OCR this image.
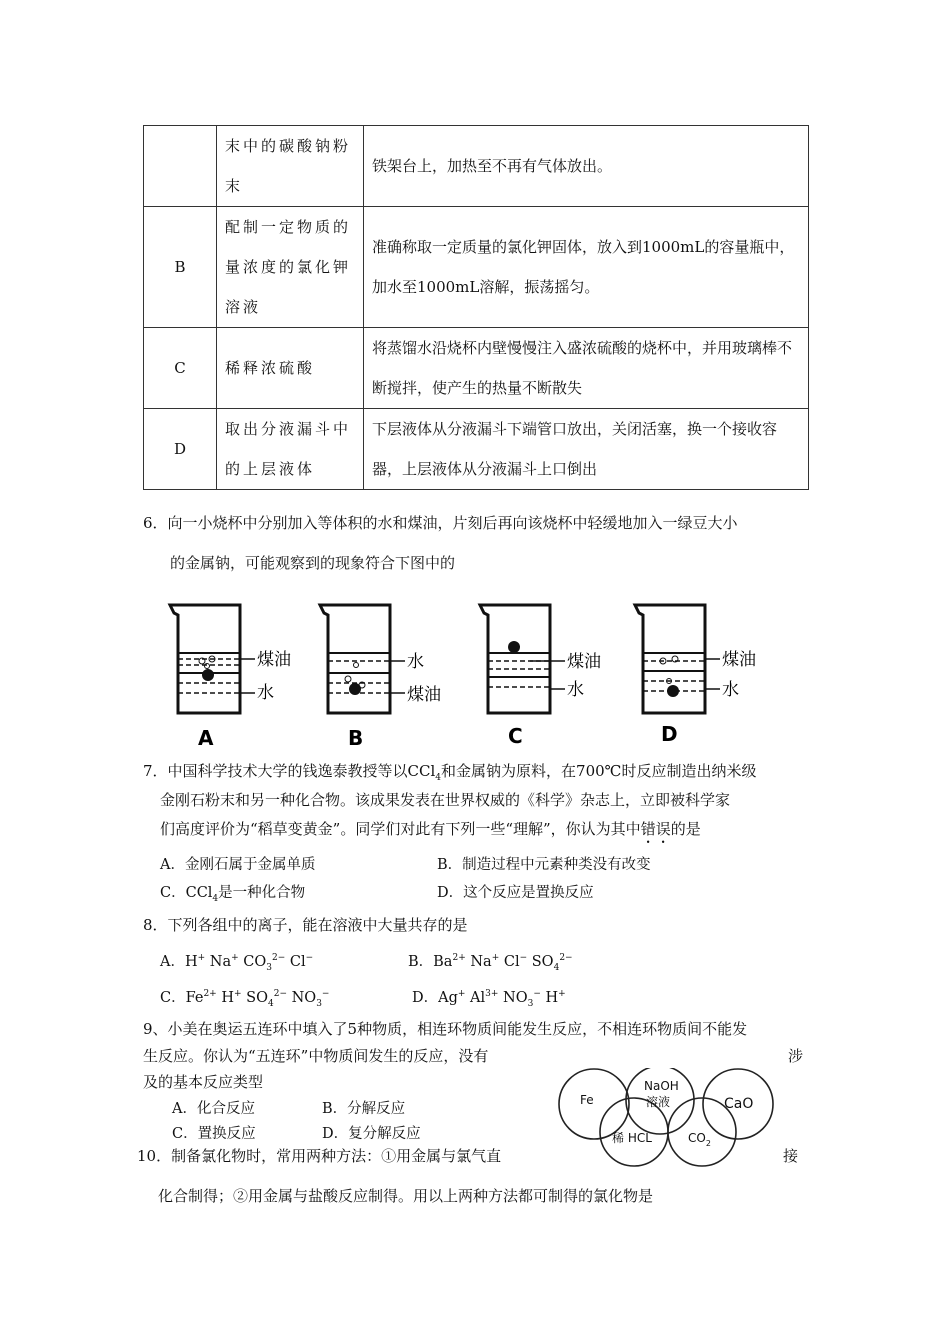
	末中的碳酸钠粉末	铁架台上，加热至不再有气体放出。
B	配制一定物质的量浓度的氯化钾溶液	准确称取一定质量的氯化钾固体，放入到1000mL的容量瓶中，加水至1000mL溶解，振荡摇匀。
C	稀释浓硫酸	将蒸馏水沿烧杯内壁慢慢注入盛浓硫酸的烧杯中，并用玻璃棒不断搅拌，使产生的热量不断散失
D	取出分液漏斗中的上层液体	下层液体从分液漏斗下端管口放出，关闭活塞，换一个接收容器，上层液体从分液漏斗上口倒出
6．向一小烧杯中分别加入等体积的水和煤油，片刻后再向该烧杯中轻缓地加入一绿豆大小
的金属钠，可能观察到的现象符合下图中的
煤油
水
A
水
煤油
B
煤油
水
C
煤油
水
D
7．中国科学技术大学的钱逸泰教授等以CCl$_4$和金属钠为原料，在700℃时反应制造出纳米级
金刚石粉末和另一种化合物。该成果发表在世界权威的《科学》杂志上，立即被科学家
们高度评价为“稻草变黄金”。同学们对此有下列一些“理解”，你认为其中错误的是
A．金刚石属于金属单质	B．制造过程中元素种类没有改变
C．CCl$_4$是一种化合物	D．这个反应是置换反应
8．下列各组中的离子，能在溶液中大量共存的是
A．H+ Na+ $CO_3^{2-}$ Cl−	B．$Ba^{2+}$ Na+ Cl− $SO_4^{2-}$
C．$Fe^{2+}$ H+ $SO_4^{2-}$ $NO_3^-$	D．Ag+ $Al^{3+}$ $NO_3^-$ H+
9、小美在奥运五连环中填入了5种物质，相连环物质间能发生反应，不相连环物质间不能发
生反应。你认为“五连环”中物质间发生的反应，没有	涉
及的基本反应类型
A．化合反应	B．分解反应
C．置换反应	D．复分解反应
Fe
NaOH
溶液	CaO
稀 HCL	$CO_2$
10．制备氯化物时，常用两种方法：①用金属与氯气直	接
化合制得；②用金属与盐酸反应制得。用以上两种方法都可制得的氯化物是
